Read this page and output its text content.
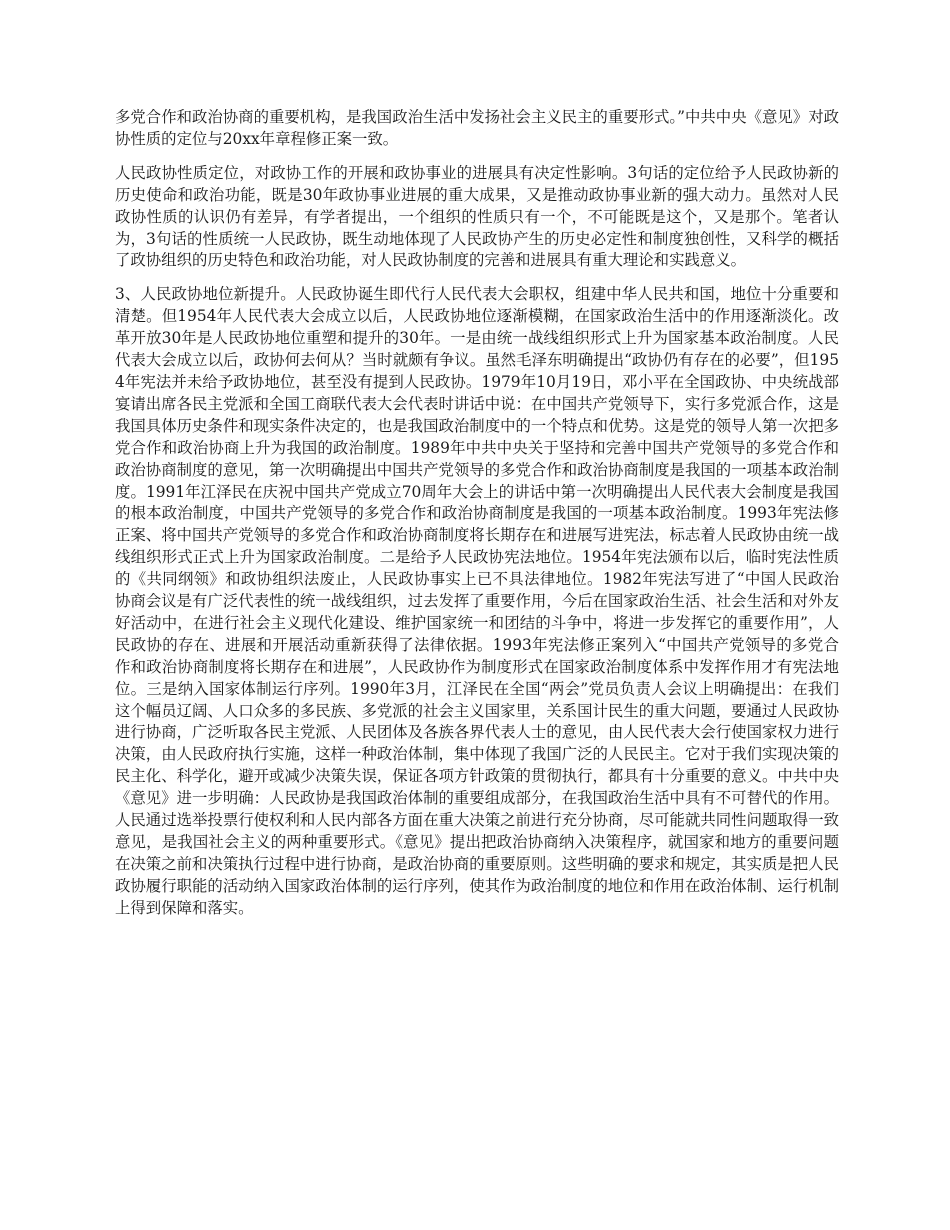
多党合作和政治协商的重要机构，是我国政治生活中发扬社会主义民主的重要形式。”中共中央《意见》对政协性质的定位与20xx年章程修正案一致。

人民政协性质定位，对政协工作的开展和政协事业的进展具有决定性影响。3句话的定位给予人民政协新的历史使命和政治功能，既是30年政协事业进展的重大成果，又是推动政协事业新的强大动力。虽然对人民政协性质的认识仍有差异，有学者提出，一个组织的性质只有一个，不可能既是这个，又是那个。笔者认为，3句话的性质统一人民政协，既生动地体现了人民政协产生的历史必定性和制度独创性，又科学的概括了政协组织的历史特色和政治功能，对人民政协制度的完善和进展具有重大理论和实践意义。

3、人民政协地位新提升。人民政协诞生即代行人民代表大会职权，组建中华人民共和国，地位十分重要和清楚。但1954年人民代表大会成立以后，人民政协地位逐渐模糊，在国家政治生活中的作用逐渐淡化。改革开放30年是人民政协地位重塑和提升的30年。一是由统一战线组织形式上升为国家基本政治制度。人民代表大会成立以后，政协何去何从？当时就颇有争议。虽然毛泽东明确提出“政协仍有存在的必要”，但1954年宪法并未给予政协地位，甚至没有提到人民政协。1979年10月19日，邓小平在全国政协、中央统战部宴请出席各民主党派和全国工商联代表大会代表时讲话中说：在中国共产党领导下，实行多党派合作，这是我国具体历史条件和现实条件决定的，也是我国政治制度中的一个特点和优势。这是党的领导人第一次把多党合作和政治协商上升为我国的政治制度。1989年中共中央关于坚持和完善中国共产党领导的多党合作和政治协商制度的意见，第一次明确提出中国共产党领导的多党合作和政治协商制度是我国的一项基本政治制度。1991年江泽民在庆祝中国共产党成立70周年大会上的讲话中第一次明确提出人民代表大会制度是我国的根本政治制度，中国共产党领导的多党合作和政治协商制度是我国的一项基本政治制度。1993年宪法修正案、将中国共产党领导的多党合作和政治协商制度将长期存在和进展写进宪法，标志着人民政协由统一战线组织形式正式上升为国家政治制度。二是给予人民政协宪法地位。1954年宪法颁布以后，临时宪法性质的《共同纲领》和政协组织法废止，人民政协事实上已不具法律地位。1982年宪法写进了“中国人民政治协商会议是有广泛代表性的统一战线组织，过去发挥了重要作用，今后在国家政治生活、社会生活和对外友好活动中，在进行社会主义现代化建设、维护国家统一和团结的斗争中，将进一步发挥它的重要作用”，人民政协的存在、进展和开展活动重新获得了法律依据。1993年宪法修正案列入“中国共产党领导的多党合作和政治协商制度将长期存在和进展”，人民政协作为制度形式在国家政治制度体系中发挥作用才有宪法地位。三是纳入国家体制运行序列。1990年3月，江泽民在全国“两会”党员负责人会议上明确提出：在我们这个幅员辽阔、人口众多的多民族、多党派的社会主义国家里，关系国计民生的重大问题，要通过人民政协进行协商，广泛听取各民主党派、人民团体及各族各界代表人士的意见，由人民代表大会行使国家权力进行决策，由人民政府执行实施，这样一种政治体制，集中体现了我国广泛的人民民主。它对于我们实现决策的民主化、科学化，避开或减少决策失误，保证各项方针政策的贯彻执行，都具有十分重要的意义。中共中央《意见》进一步明确：人民政协是我国政治体制的重要组成部分，在我国政治生活中具有不可替代的作用。人民通过选举投票行使权利和人民内部各方面在重大决策之前进行充分协商，尽可能就共同性问题取得一致意见，是我国社会主义的两种重要形式。《意见》提出把政治协商纳入决策程序，就国家和地方的重要问题在决策之前和决策执行过程中进行协商，是政治协商的重要原则。这些明确的要求和规定，其实质是把人民政协履行职能的活动纳入国家政治体制的运行序列，使其作为政治制度的地位和作用在政治体制、运行机制上得到保障和落实。
